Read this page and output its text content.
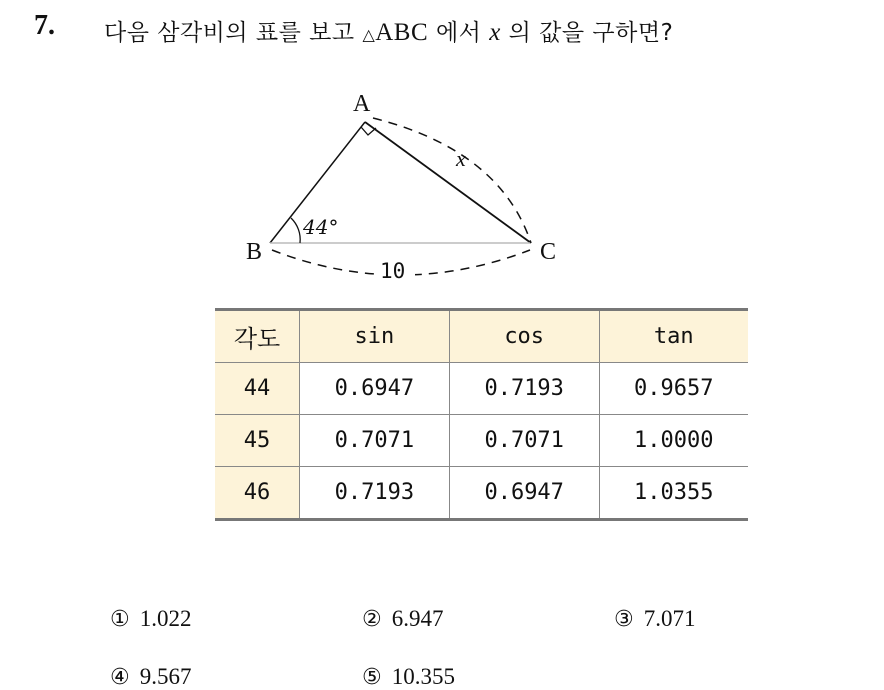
7. 다음 삼각비의 표를 보고 △ABC 에서 x 의 값을 구하면?
A
B	C
44°
10
x
각도	sin	cos	tan
44	0.6947	0.7193	0.9657
45	0.7071	0.7071	1.0000
46	0.7193	0.6947	1.0355
① 1.022	② 6.947	③ 7.071
④ 9.567	⑤ 10.355
